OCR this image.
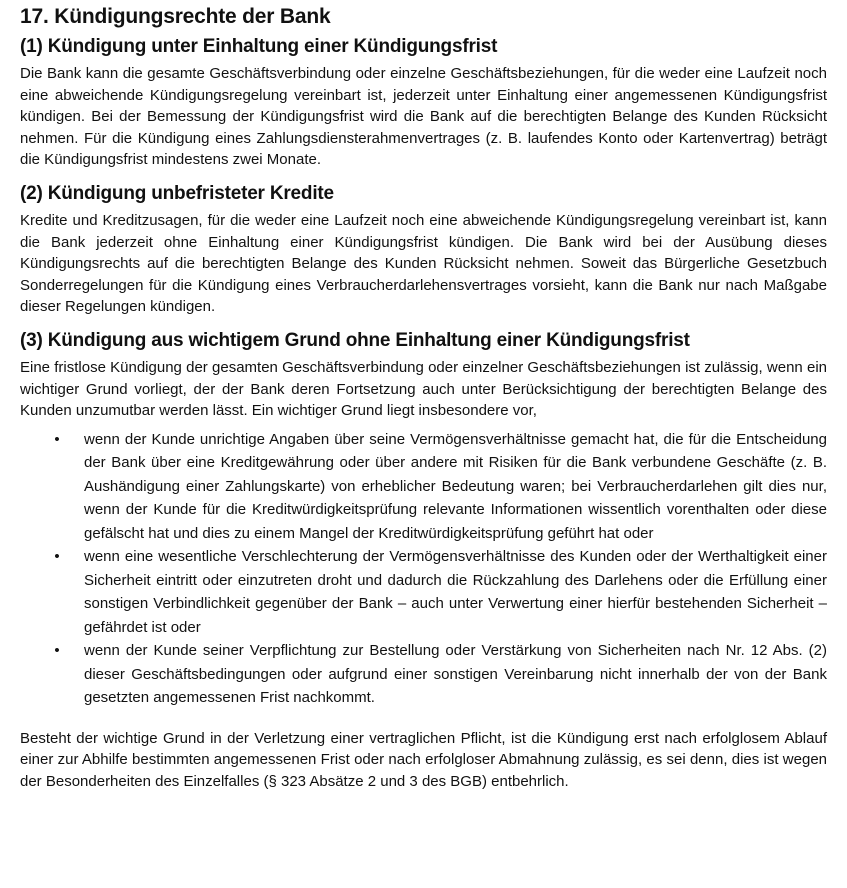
17. Kündigungsrechte der Bank
(1) Kündigung unter Einhaltung einer Kündigungsfrist

Die Bank kann die gesamte Geschäftsverbindung oder einzelne Geschäftsbeziehungen, für die weder eine Laufzeit noch eine abweichende Kündigungsregelung vereinbart ist, jederzeit unter Einhaltung einer angemessenen Kündigungsfrist kündigen. Bei der Bemessung der Kündigungsfrist wird die Bank auf die berechtigten Belange des Kunden Rücksicht nehmen. Für die Kündigung eines Zahlungsdiensterahmenvertrages (z. B. laufendes Konto oder Kartenvertrag) beträgt die Kündigungsfrist mindestens zwei Monate.

(2) Kündigung unbefristeter Kredite

Kredite und Kreditzusagen, für die weder eine Laufzeit noch eine abweichende Kündigungsregelung vereinbart ist, kann die Bank jederzeit ohne Einhaltung einer Kündigungsfrist kündigen. Die Bank wird bei der Ausübung dieses Kündigungsrechts auf die berechtigten Belange des Kunden Rücksicht nehmen. Soweit das Bürgerliche Gesetzbuch Sonderregelungen für die Kündigung eines Verbraucherdarlehensvertrages vorsieht, kann die Bank nur nach Maßgabe dieser Regelungen kündigen.

(3) Kündigung aus wichtigem Grund ohne Einhaltung einer Kündigungsfrist

Eine fristlose Kündigung der gesamten Geschäftsverbindung oder einzelner Geschäftsbeziehungen ist zulässig, wenn ein wichtiger Grund vorliegt, der der Bank deren Fortsetzung auch unter Berücksichtigung der berechtigten Belange des Kunden unzumutbar werden lässt. Ein wichtiger Grund liegt insbesondere vor,

• wenn der Kunde unrichtige Angaben über seine Vermögensverhältnisse gemacht hat, die für die Entscheidung der Bank über eine Kreditgewährung oder über andere mit Risiken für die Bank verbundene Geschäfte (z. B. Aushändigung einer Zahlungskarte) von erheblicher Bedeutung waren; bei Verbraucherdarlehen gilt dies nur, wenn der Kunde für die Kreditwürdigkeitsprüfung relevante Informationen wissentlich vorenthalten oder diese gefälscht hat und dies zu einem Mangel der Kreditwürdigkeitsprüfung geführt hat oder
• wenn eine wesentliche Verschlechterung der Vermögensverhältnisse des Kunden oder der Werthaltigkeit einer Sicherheit eintritt oder einzutreten droht und dadurch die Rückzahlung des Darlehens oder die Erfüllung einer sonstigen Verbindlichkeit gegenüber der Bank – auch unter Verwertung einer hierfür bestehenden Sicherheit – gefährdet ist oder
• wenn der Kunde seiner Verpflichtung zur Bestellung oder Verstärkung von Sicherheiten nach Nr. 12 Abs. (2) dieser Geschäftsbedingungen oder aufgrund einer sonstigen Vereinbarung nicht innerhalb der von der Bank gesetzten angemessenen Frist nachkommt.

Besteht der wichtige Grund in der Verletzung einer vertraglichen Pflicht, ist die Kündigung erst nach erfolglosem Ablauf einer zur Abhilfe bestimmten angemessenen Frist oder nach erfolgloser Abmahnung zulässig, es sei denn, dies ist wegen der Besonderheiten des Einzelfalles (§ 323 Absätze 2 und 3 des BGB) entbehrlich.
